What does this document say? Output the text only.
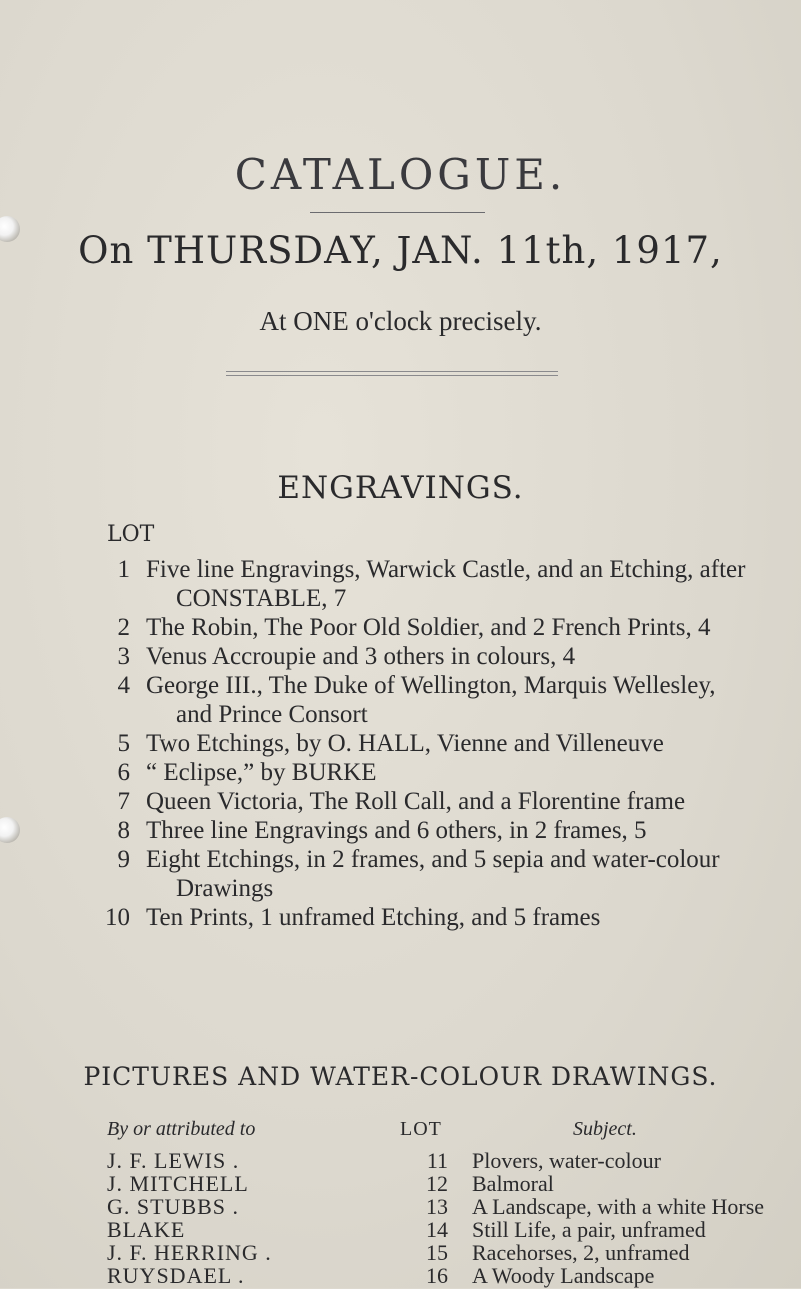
CATALOGUE.
On THURSDAY, JAN. 11th, 1917,
At ONE o'clock precisely.
ENGRAVINGS.
LOT
1 Five line Engravings, Warwick Castle, and an Etching, after
CONSTABLE, 7
2 The Robin, The Poor Old Soldier, and 2 French Prints, 4
3 Venus Accroupie and 3 others in colours, 4
4 George III., The Duke of Wellington, Marquis Wellesley,
and Prince Consort
5 Two Etchings, by O. HALL, Vienne and Villeneuve
6 “ Eclipse,” by BURKE
7 Queen Victoria, The Roll Call, and a Florentine frame
8 Three line Engravings and 6 others, in 2 frames, 5
9 Eight Etchings, in 2 frames, and 5 sepia and water-colour
Drawings
10 Ten Prints, 1 unframed Etching, and 5 frames
PICTURES AND WATER-COLOUR DRAWINGS.
By or attributed to	LOT	Subject.
J. F. LEWIS .	11 Plovers, water-colour
J. MITCHELL	12 Balmoral
G. STUBBS .	13 A Landscape, with a white Horse
BLAKE	14 Still Life, a pair, unframed
J. F. HERRING .	15 Racehorses, 2, unframed
RUYSDAEL .	16 A Woody Landscape
